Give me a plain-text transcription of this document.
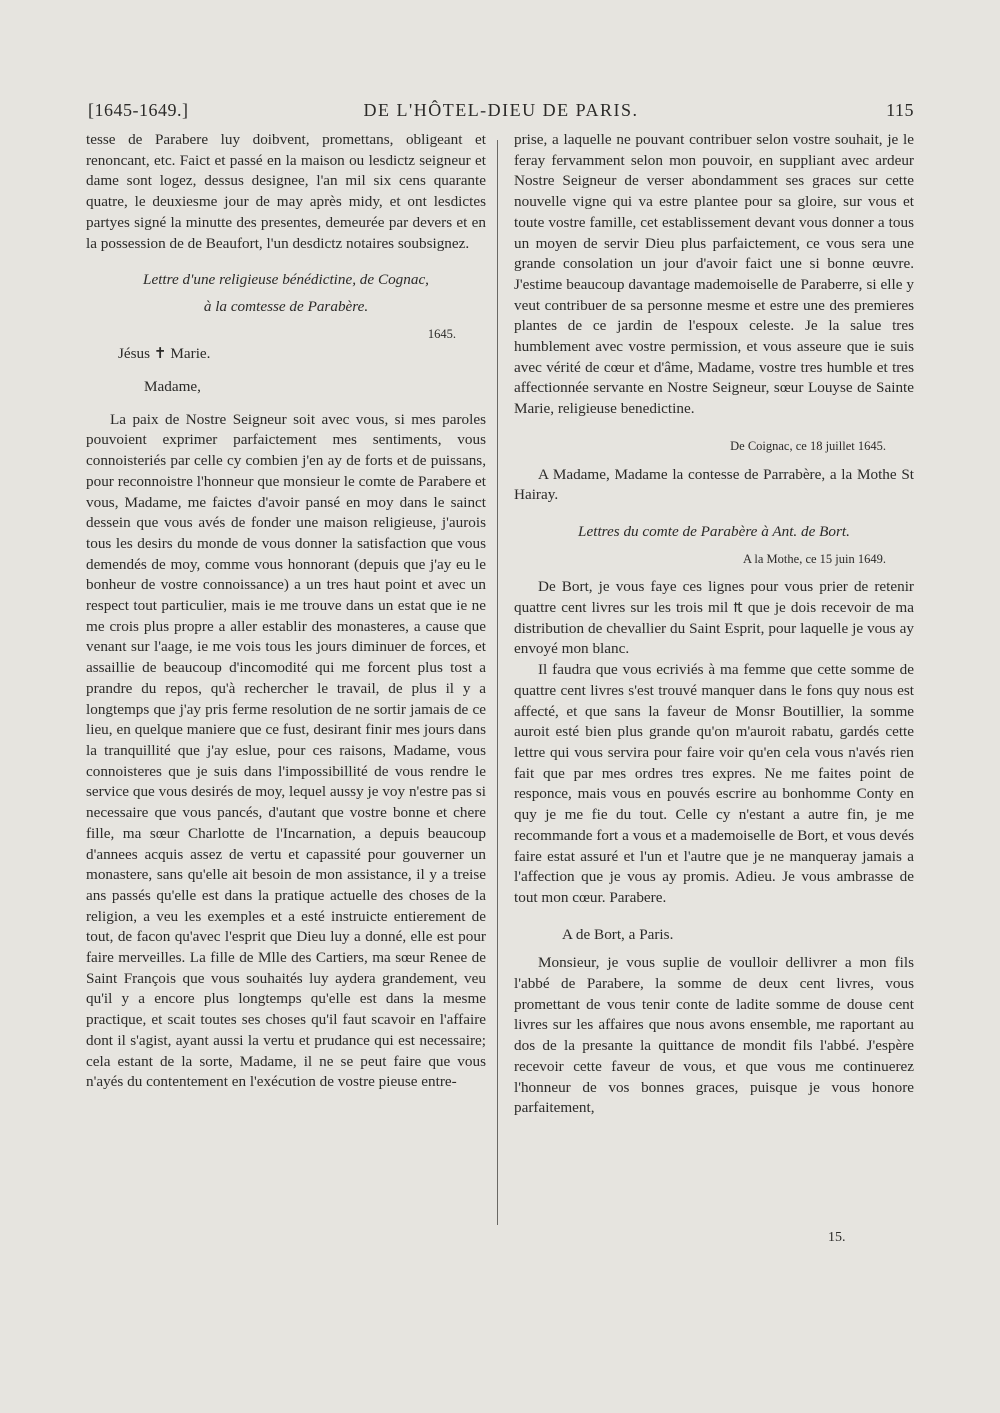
[1645-1649.]	DE L'HÔTEL-DIEU DE PARIS.	115

tesse de Parabere luy doibvent, promettans, obligeant et renoncant, etc. Faict et passé en la maison ou lesdictz seigneur et dame sont logez, dessus designee, l'an mil six cens quarante quatre, le deuxiesme jour de may après midy, et ont lesdictes partyes signé la minutte des presentes, demeurée par devers et en la possession de de Beaufort, l'un desdictz notaires soubsignez.

Lettre d'une religieuse bénédictine, de Cognac,

à la comtesse de Parabère.

1645.

Jésus ✝ Marie.

Madame,

La paix de Nostre Seigneur soit avec vous, si mes paroles pouvoient exprimer parfaictement mes sentiments, vous connoisteriés par celle cy combien j'en ay de forts et de puissans, pour reconnoistre l'honneur que monsieur le comte de Parabere et vous, Madame, me faictes d'avoir pansé en moy dans le sainct dessein que vous avés de fonder une maison religieuse, j'aurois tous les desirs du monde de vous donner la satisfaction que vous demendés de moy, comme vous honnorant (depuis que j'ay eu le bonheur de vostre connoissance) a un tres haut point et avec un respect tout particulier, mais ie me trouve dans un estat que ie ne me crois plus propre a aller establir des monasteres, a cause que venant sur l'aage, ie me vois tous les jours diminuer de forces, et assaillie de beaucoup d'incomodité qui me forcent plus tost a prandre du repos, qu'à rechercher le travail, de plus il y a longtemps que j'ay pris ferme resolution de ne sortir jamais de ce lieu, en quelque maniere que ce fust, desirant finir mes jours dans la tranquillité que j'ay eslue, pour ces raisons, Madame, vous connoisteres que je suis dans l'impossibillité de vous rendre le service que vous desirés de moy, lequel aussy je voy n'estre pas si necessaire que vous pancés, d'autant que vostre bonne et chere fille, ma sœur Charlotte de l'Incarnation, a depuis beaucoup d'annees acquis assez de vertu et capassité pour gouverner un monastere, sans qu'elle ait besoin de mon assistance, il y a treise ans passés qu'elle est dans la pratique actuelle des choses de la religion, a veu les exemples et a esté instruicte entierement de tout, de facon qu'avec l'esprit que Dieu luy a donné, elle est pour faire merveilles. La fille de Mlle des Cartiers, ma sœur Renee de Saint François que vous souhaités luy aydera grandement, veu qu'il y a encore plus longtemps qu'elle est dans la mesme practique, et scait toutes ses choses qu'il faut scavoir en l'affaire dont il s'agist, ayant aussi la vertu et prudance qui est necessaire; cela estant de la sorte, Madame, il ne se peut faire que vous n'ayés du contentement en l'exécution de vostre pieuse entre-

prise, a laquelle ne pouvant contribuer selon vostre souhait, je le feray fervamment selon mon pouvoir, en suppliant avec ardeur Nostre Seigneur de verser abondamment ses graces sur cette nouvelle vigne qui va estre plantee pour sa gloire, sur vous et toute vostre famille, cet establissement devant vous donner a tous un moyen de servir Dieu plus parfaictement, ce vous sera une grande consolation un jour d'avoir faict une si bonne œuvre. J'estime beaucoup davantage mademoiselle de Paraberre, si elle y veut contribuer de sa personne mesme et estre une des premieres plantes de ce jardin de l'espoux celeste. Je la salue tres humblement avec vostre permission, et vous asseure que ie suis avec vérité de cœur et d'âme, Madame, vostre tres humble et tres affectionnée servante en Nostre Seigneur, sœur Louyse de Sainte Marie, religieuse benedictine.

De Coignac, ce 18 juillet 1645.

A Madame, Madame la contesse de Parrabère, a la Mothe St Hairay.

Lettres du comte de Parabère à Ant. de Bort.

A la Mothe, ce 15 juin 1649.

De Bort, je vous faye ces lignes pour vous prier de retenir quattre cent livres sur les trois mil ₶ que je dois recevoir de ma distribution de chevallier du Saint Esprit, pour laquelle je vous ay envoyé mon blanc.

Il faudra que vous ecriviés à ma femme que cette somme de quattre cent livres s'est trouvé manquer dans le fons quy nous est affecté, et que sans la faveur de Monsr Boutillier, la somme auroit esté bien plus grande qu'on m'auroit rabatu, gardés cette lettre qui vous servira pour faire voir qu'en cela vous n'avés rien fait que par mes ordres tres expres. Ne me faites point de responce, mais vous en pouvés escrire au bonhomme Conty en quy je me fie du tout. Celle cy n'estant a autre fin, je me recommande fort a vous et a mademoiselle de Bort, et vous devés faire estat assuré et l'un et l'autre que je ne manqueray jamais a l'affection que je vous ay promis. Adieu. Je vous ambrasse de tout mon cœur. Parabere.

A de Bort, a Paris.

Monsieur, je vous suplie de voulloir dellivrer a mon fils l'abbé de Parabere, la somme de deux cent livres, vous promettant de vous tenir conte de ladite somme de douse cent livres sur les affaires que nous avons ensemble, me raportant au dos de la presante la quittance de mondit fils l'abbé. J'espère recevoir cette faveur de vous, et que vous me continuerez l'honneur de vos bonnes graces, puisque je vous honore parfaitement,

15.
